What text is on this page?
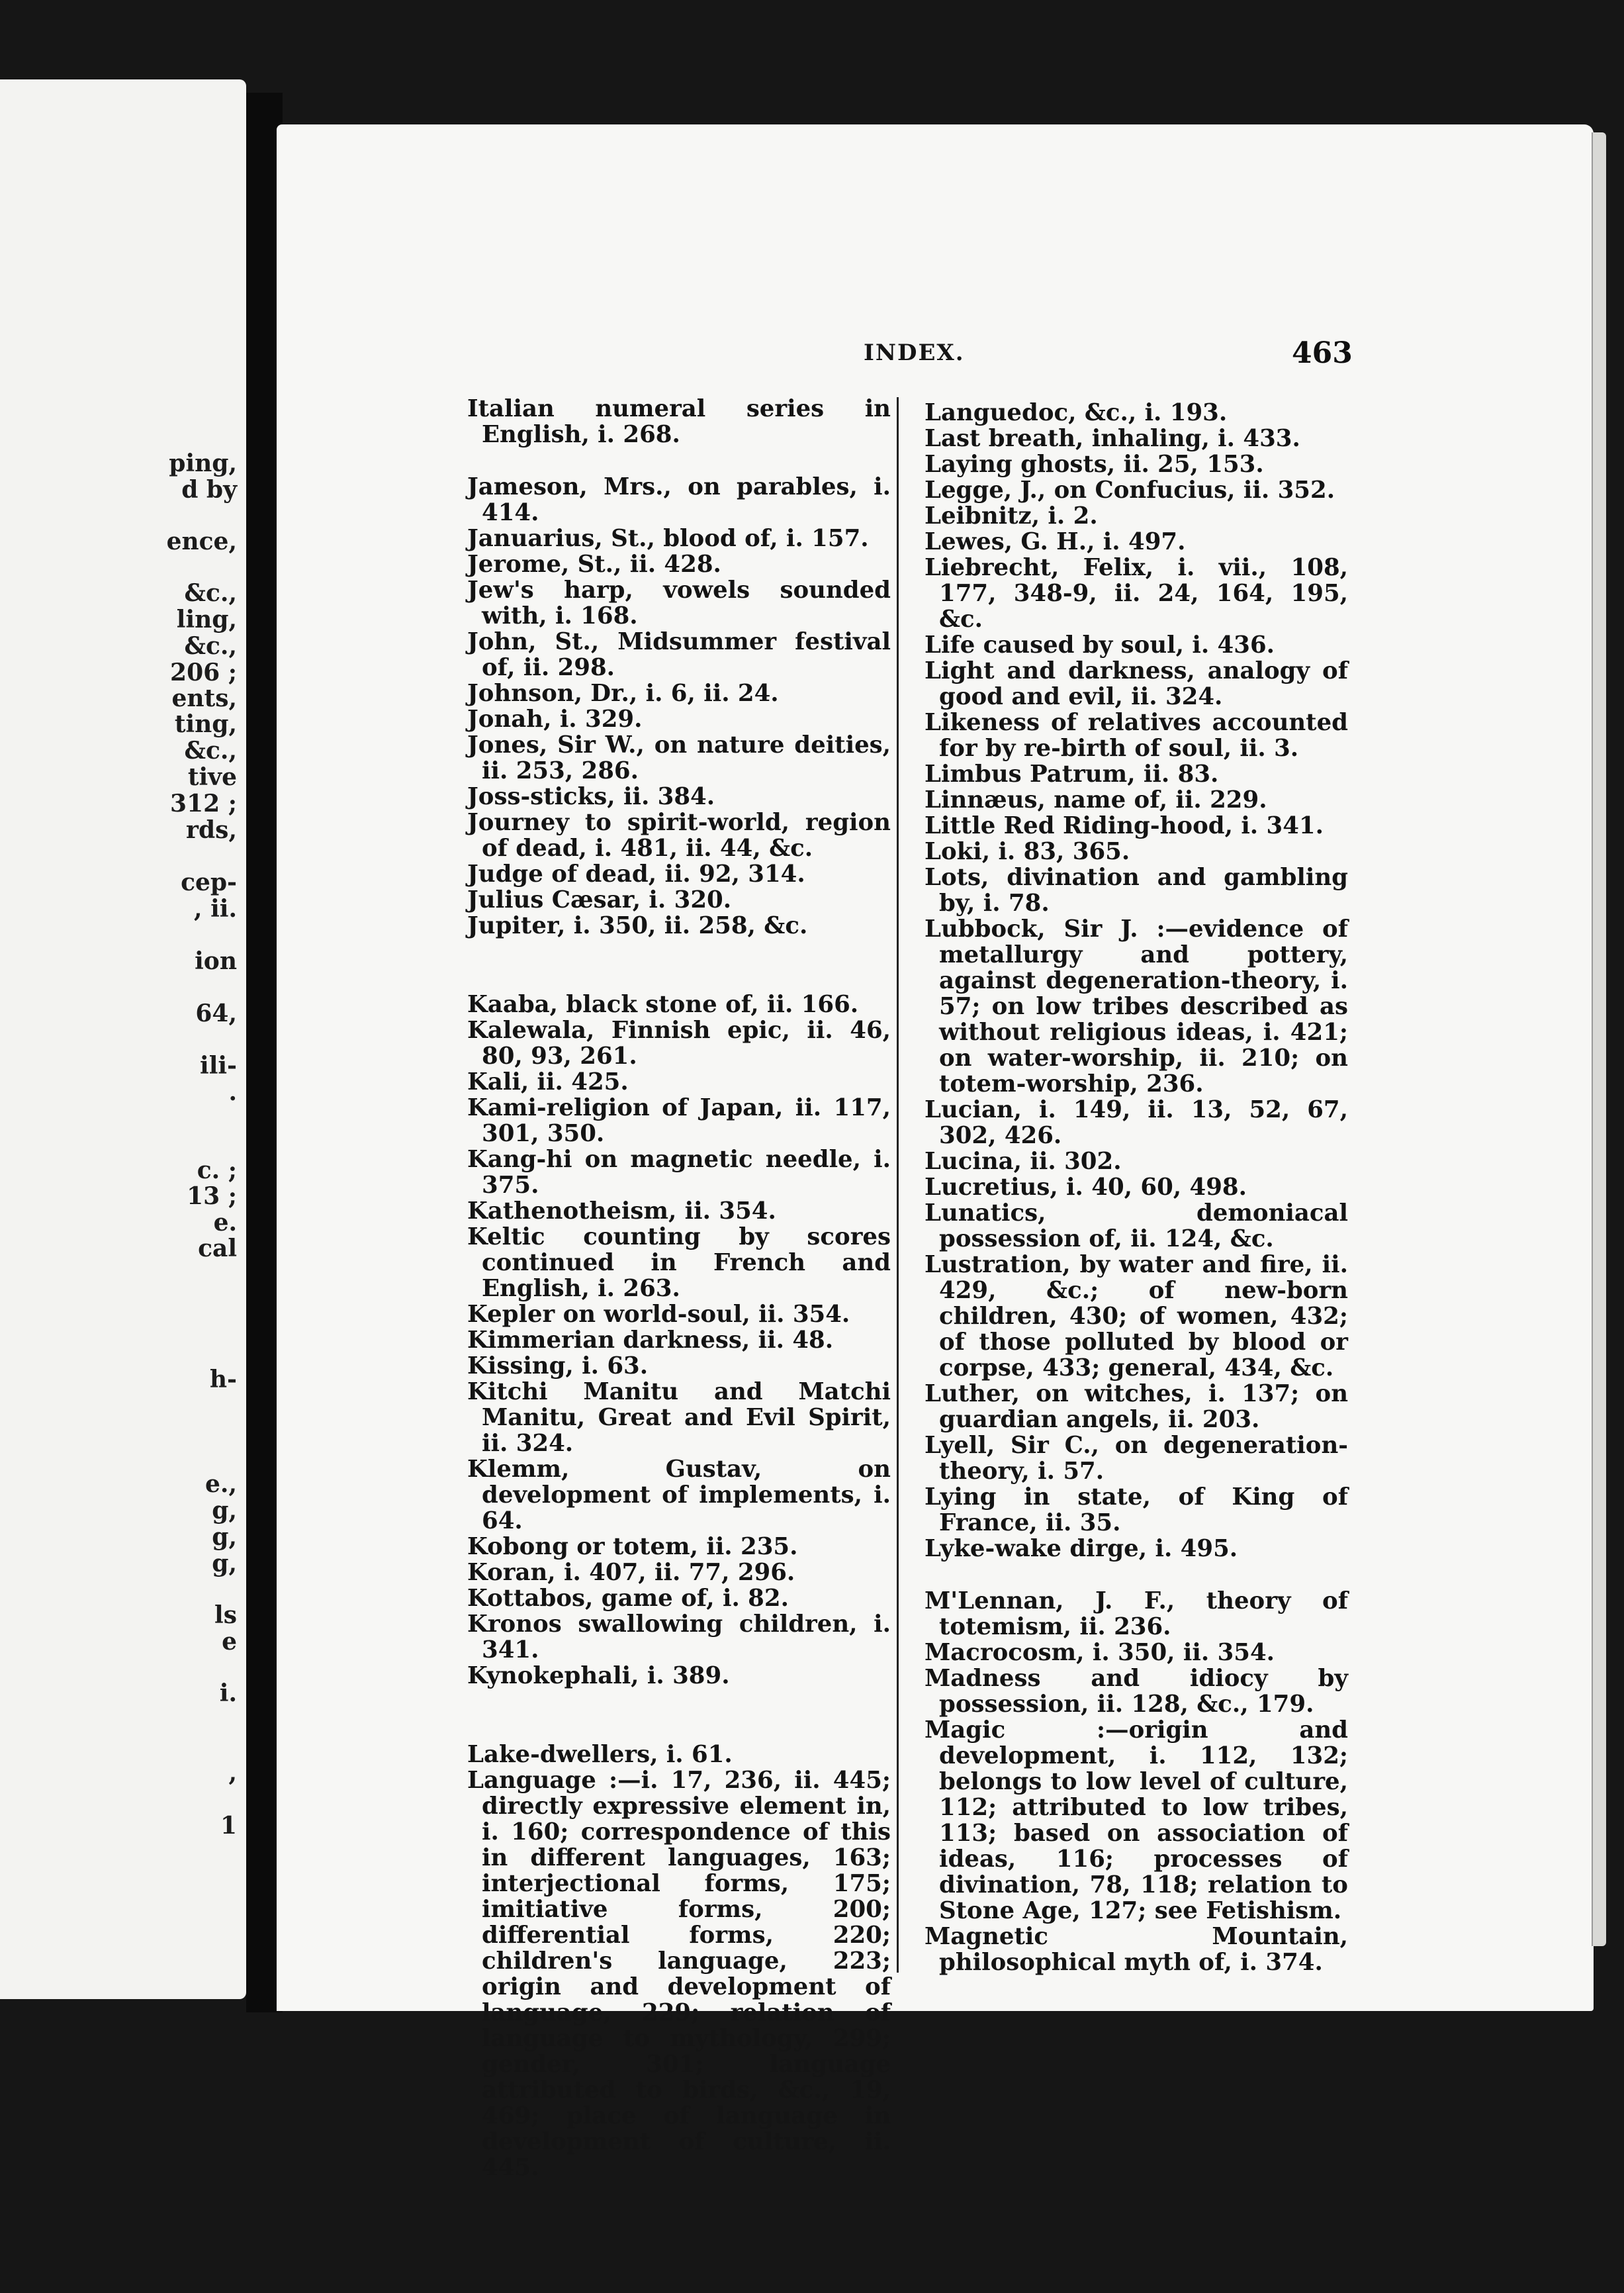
ping,
d by
ence,
&c.,
ling,
&c.,
206 ;
ents,
ting,
&c.,
tive
312 ;
rds,
cep-
, ii.
ion
64,
ili-
.
c. ;
13 ;
e.
cal
h-
e.,
g,
g,
g,
ls
e
i.
,
1
INDEX.	463

Italian numeral series in English, i. 268.

Jameson, Mrs., on parables, i. 414.

Januarius, St., blood of, i. 157.

Jerome, St., ii. 428.

Jew's harp, vowels sounded with, i. 168.

John, St., Midsummer festival of, ii. 298.

Johnson, Dr., i. 6, ii. 24.

Jonah, i. 329.

Jones, Sir W., on nature deities, ii. 253, 286.

Joss-sticks, ii. 384.

Journey to spirit-world, region of dead, i. 481, ii. 44, &c.

Judge of dead, ii. 92, 314.

Julius Cæsar, i. 320.

Jupiter, i. 350, ii. 258, &c.

Kaaba, black stone of, ii. 166.

Kalewala, Finnish epic, ii. 46, 80, 93, 261.

Kali, ii. 425.

Kami-religion of Japan, ii. 117, 301, 350.

Kang-hi on magnetic needle, i. 375.

Kathenotheism, ii. 354.

Keltic counting by scores continued in French and English, i. 263.

Kepler on world-soul, ii. 354.

Kimmerian darkness, ii. 48.

Kissing, i. 63.

Kitchi Manitu and Matchi Manitu, Great and Evil Spirit, ii. 324.

Klemm, Gustav, on development of implements, i. 64.

Kobong or totem, ii. 235.

Koran, i. 407, ii. 77, 296.

Kottabos, game of, i. 82.

Kronos swallowing children, i. 341.

Kynokephali, i. 389.

Lake-dwellers, i. 61.

Language :—i. 17, 236, ii. 445; directly expressive element in, i. 160; correspondence of this in different languages, 163; interjectional forms, 175; imitiative forms, 200; differential forms, 220; children's language, 223; origin and development of language, 229; relation of language to mythology, 299; gender, 301; language attributed to birds, &c., 19, 469; place of language in development of culture, ii. 445.

Languedoc, &c., i. 193.

Last breath, inhaling, i. 433.

Laying ghosts, ii. 25, 153.

Legge, J., on Confucius, ii. 352.

Leibnitz, i. 2.

Lewes, G. H., i. 497.

Liebrecht, Felix, i. vii., 108, 177, 348-9, ii. 24, 164, 195, &c.

Life caused by soul, i. 436.

Light and darkness, analogy of good and evil, ii. 324.

Likeness of relatives accounted for by re-birth of soul, ii. 3.

Limbus Patrum, ii. 83.

Linnæus, name of, ii. 229.

Little Red Riding-hood, i. 341.

Loki, i. 83, 365.

Lots, divination and gambling by, i. 78.

Lubbock, Sir J. :—evidence of metallurgy and pottery, against degeneration-theory, i. 57; on low tribes described as without religious ideas, i. 421; on water-worship, ii. 210; on totem-worship, 236.

Lucian, i. 149, ii. 13, 52, 67, 302, 426.

Lucina, ii. 302.

Lucretius, i. 40, 60, 498.

Lunatics, demoniacal possession of, ii. 124, &c.

Lustration, by water and fire, ii. 429, &c.; of new-born children, 430; of women, 432; of those polluted by blood or corpse, 433; general, 434, &c.

Luther, on witches, i. 137; on guardian angels, ii. 203.

Lyell, Sir C., on degeneration-theory, i. 57.

Lying in state, of King of France, ii. 35.

Lyke-wake dirge, i. 495.

M'Lennan, J. F., theory of totemism, ii. 236.

Macrocosm, i. 350, ii. 354.

Madness and idiocy by possession, ii. 128, &c., 179.

Magic :—origin and development, i. 112, 132; belongs to low level of culture, 112; attributed to low tribes, 113; based on association of ideas, 116; processes of divination, 78, 118; relation to Stone Age, 127; see Fetishism.

Magnetic Mountain, philosophical myth of, i. 374.
